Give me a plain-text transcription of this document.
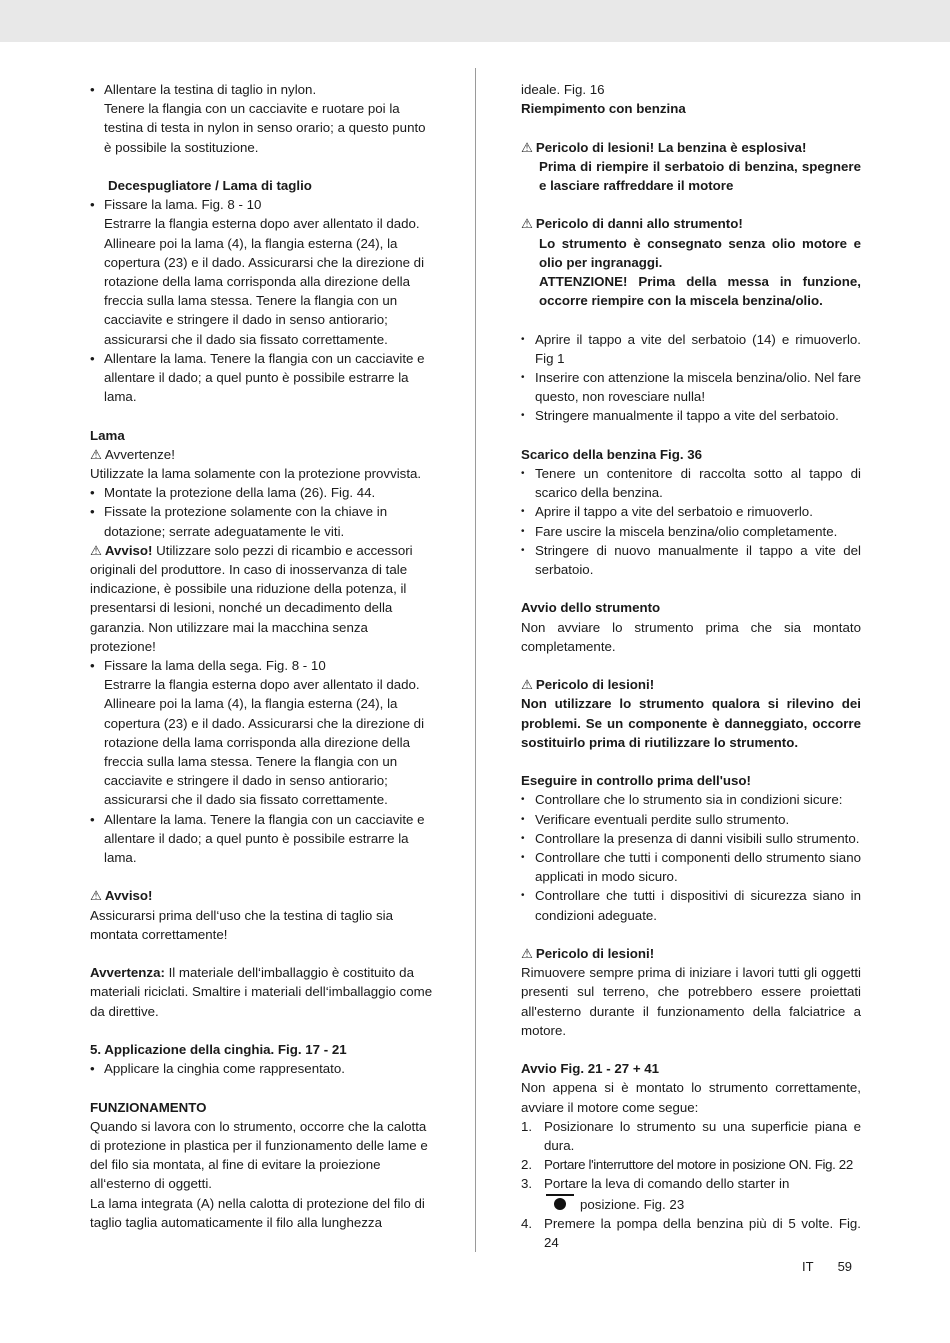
• Allentare la testina di taglio in nylon.
Tenere la flangia con un cacciavite e ruotare poi la testina di testa in nylon in senso orario; a questo punto è possibile la sostituzione.

Decespugliatore / Lama di taglio

• Fissare la lama. Fig. 8 - 10
Estrarre la flangia esterna dopo aver allentato il dado. Allineare poi la lama (4), la flangia esterna (24), la copertura (23) e il dado. Assicurarsi che la direzione di rotazione della lama corrisponda alla direzione della freccia sulla lama stessa. Tenere la flangia con un cacciavite e stringere il dado in senso antiorario; assicurarsi che il dado sia fissato correttamente.
• Allentare la lama. Tenere la flangia con un cacciavite e allentare il dado; a quel punto è possibile estrarre la lama.

Lama

⚠ Avvertenze!

Utilizzate la lama solamente con la protezione provvista.

• Montate la protezione della lama (26). Fig. 44.
• Fissate la protezione solamente con la chiave in dotazione; serrate adeguatamente le viti.

⚠ Avviso! Utilizzare solo pezzi di ricambio e accessori originali del produttore. In caso di inosservanza di tale indicazione, è possibile una riduzione della potenza, il presentarsi di lesioni, nonché un decadimento della garanzia. Non utilizzare mai la macchina senza protezione!

• Fissare la lama della sega. Fig. 8 - 10
Estrarre la flangia esterna dopo aver allentato il dado. Allineare poi la lama (4), la flangia esterna (24), la copertura (23) e il dado. Assicurarsi che la direzione di rotazione della lama corrisponda alla direzione della freccia sulla lama stessa. Tenere la flangia con un cacciavite e stringere il dado in senso antiorario; assicurarsi che il dado sia fissato correttamente.
• Allentare la lama. Tenere la flangia con un cacciavite e allentare il dado; a quel punto è possibile estrarre la lama.

⚠ Avviso!

Assicurarsi prima dell‘uso che la testina di taglio sia montata correttamente!

Avvertenza: Il materiale dell‘imballaggio è costituito da materiali riciclati. Smaltire i materiali dell‘imballaggio come da direttive.

5. Applicazione della cinghia. Fig. 17 - 21

• Applicare la cinghia come rappresentato.

FUNZIONAMENTO

Quando si lavora con lo strumento, occorre che la calotta di protezione in plastica per il funzionamento delle lame e del filo sia montata, al fine di evitare la proiezione all‘esterno di oggetti.

La lama integrata (A) nella calotta di protezione del filo di taglio taglia automaticamente il filo alla lunghezza

ideale. Fig. 16

Riempimento con benzina

⚠ Pericolo di lesioni! La benzina è esplosiva!

Prima di riempire il serbatoio di benzina, spegnere e lasciare raffreddare il motore

⚠ Pericolo di danni allo strumento!

Lo strumento è consegnato senza olio motore e olio per ingranaggi.

ATTENZIONE! Prima della messa in funzione, occorre riempire con la miscela benzina/olio.

• Aprire il tappo a vite del serbatoio (14) e rimuoverlo. Fig 1
• Inserire con attenzione la miscela benzina/olio. Nel fare questo, non rovesciare nulla!
• Stringere manualmente il tappo a vite del serbatoio.

Scarico della benzina Fig. 36

• Tenere un contenitore di raccolta sotto al tappo di scarico della benzina.
• Aprire il tappo a vite del serbatoio e rimuoverlo.
• Fare uscire la miscela benzina/olio completamente.
• Stringere di nuovo manualmente il tappo a vite del serbatoio.

Avvio dello strumento

Non avviare lo strumento prima che sia montato completamente.

⚠ Pericolo di lesioni!

Non utilizzare lo strumento qualora si rilevino dei problemi. Se un componente è danneggiato, occorre sostituirlo prima di riutilizzare lo strumento.

Eseguire in controllo prima dell'uso!

• Controllare che lo strumento sia in condizioni sicure:
• Verificare eventuali perdite sullo strumento.
• Controllare la presenza di danni visibili sullo strumento.
• Controllare che tutti i componenti dello strumento siano applicati in modo sicuro.
• Controllare che tutti i dispositivi di sicurezza siano in condizioni adeguate.

⚠ Pericolo di lesioni!

Rimuovere sempre prima di iniziare i lavori tutti gli oggetti presenti sul terreno, che potrebbero essere proiettati all'esterno durante il funzionamento della falciatrice a motore.

Avvio Fig. 21 - 27 + 41

Non appena si è montato lo strumento correttamente, avviare il motore come segue:

1. Posizionare lo strumento su una superficie piana e dura.
2. Portare l'interruttore del motore in posizione ON. Fig. 22
3. Portare la leva di comando dello starter in
posizione. Fig. 23
4. Premere la pompa della benzina più di 5 volte. Fig. 24
IT 59
